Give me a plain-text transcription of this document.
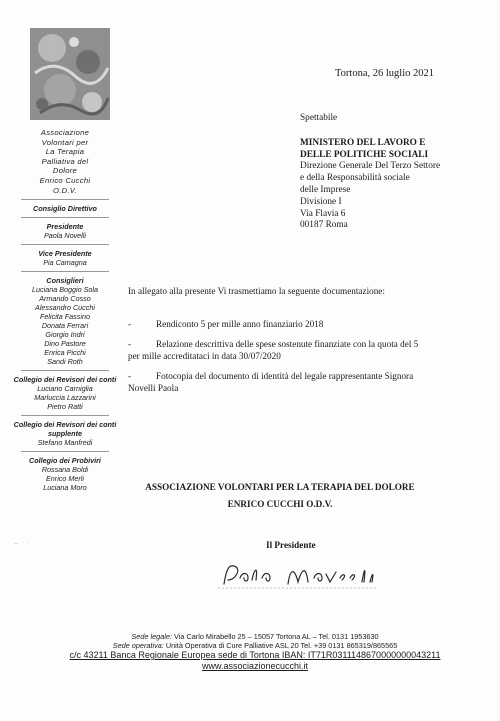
Associazione
Volontari per
La Terapia
Palliativa del
Dolore
Enrico Cucchi
O.D.V.
Consiglio Direttivo
Presidente
Paola Novelli
Vice Presidente
Pia Camagna
Consiglieri
Luciana Boggio Sola
Armando Cosso
Alessandro Cucchi
Felicita Fassino
Donata Ferrari
Giorgio Indri
Dino Pastore
Enrica Picchi
Sandi Roth
Collegio dei Revisori dei conti
Luciano Carniglia
Marluccia Lazzarini
Pietro Ratti
Collegio dei Revisori dei conti supplente
Stefano Manfredi
Collegio dei Probiviri
Rossana Boldi
Enrico Merli
Luciana Moro
Tortona, 26 luglio 2021
Spettabile
MINISTERO DEL LAVORO E
DELLE POLITICHE SOCIALI
Direzione Generale Del Terzo Settore
e della Responsabilità sociale
delle Imprese
Divisione I
Via Flavia 6
00187 Roma
In allegato alla presente Vi trasmettiamo la seguente documentazione:
-	Rendiconto 5 per mille anno finanziario 2018
-	Relazione descrittiva delle spese sostenute finanziate con la quota del 5
per mille accreditataci in data 30/07/2020
-	Fotocopia del documento di identità del legale rappresentante Signora
Novelli Paola
ASSOCIAZIONE VOLONTARI PER LA TERAPIA DEL DOLORE
ENRICO CUCCHI O.D.V.
Il Presidente
‥ · ·
Sede legale: Via Carlo Mirabello 25 – 15057 Tortona AL – Tel. 0131 1953630
Sede operativa: Unità Operativa di Cure Palliative ASL 20 Tel. +39 0131 865319/865565
c/c 43211 Banca Regionale Europea sede di Tortona IBAN: IT71R0311148670000000043211
www.associazionecucchi.it
